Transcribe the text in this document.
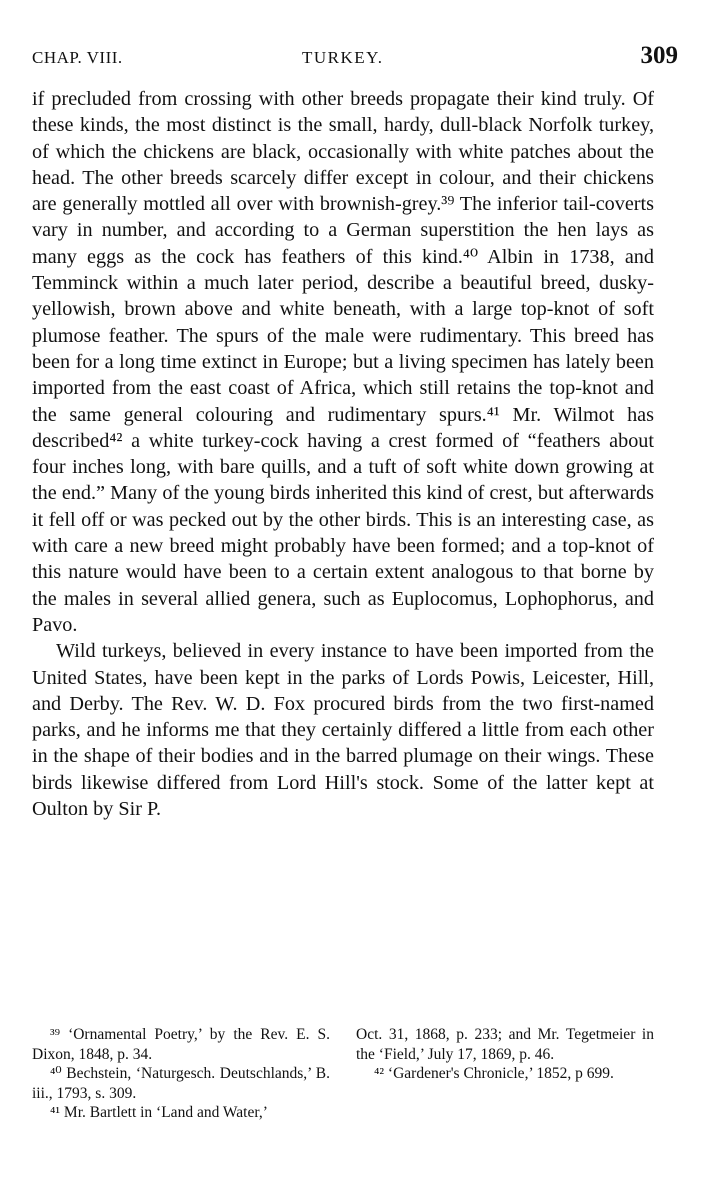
CHAP. VIII.	TURKEY.	309

if precluded from crossing with other breeds propagate their kind truly. Of these kinds, the most distinct is the small, hardy, dull-black Norfolk turkey, of which the chickens are black, occasionally with white patches about the head. The other breeds scarcely differ except in colour, and their chickens are generally mottled all over with brownish-grey.³⁹ The inferior tail-coverts vary in number, and according to a German superstition the hen lays as many eggs as the cock has feathers of this kind.⁴⁰ Albin in 1738, and Temminck within a much later period, describe a beautiful breed, dusky-yellowish, brown above and white beneath, with a large top-knot of soft plumose feather. The spurs of the male were rudimentary. This breed has been for a long time extinct in Europe; but a living specimen has lately been imported from the east coast of Africa, which still retains the top-knot and the same general colouring and rudimentary spurs.⁴¹ Mr. Wilmot has described⁴² a white turkey-cock having a crest formed of “feathers about four inches long, with bare quills, and a tuft of soft white down growing at the end.” Many of the young birds inherited this kind of crest, but afterwards it fell off or was pecked out by the other birds. This is an interesting case, as with care a new breed might probably have been formed; and a top-knot of this nature would have been to a certain extent analogous to that borne by the males in several allied genera, such as Euplocomus, Lophophorus, and Pavo.

Wild turkeys, believed in every instance to have been imported from the United States, have been kept in the parks of Lords Powis, Leicester, Hill, and Derby. The Rev. W. D. Fox procured birds from the two first-named parks, and he informs me that they certainly differed a little from each other in the shape of their bodies and in the barred plumage on their wings. These birds likewise differed from Lord Hill's stock. Some of the latter kept at Oulton by Sir P.

³⁹ ‘Ornamental Poetry,’ by the Rev. E. S. Dixon, 1848, p. 34.

⁴⁰ Bechstein, ‘Naturgesch. Deutschlands,’ B. iii., 1793, s. 309.

⁴¹ Mr. Bartlett in ‘Land and Water,’

Oct. 31, 1868, p. 233; and Mr. Tegetmeier in the ‘Field,’ July 17, 1869, p. 46.

⁴² ‘Gardener's Chronicle,’ 1852, p 699.
